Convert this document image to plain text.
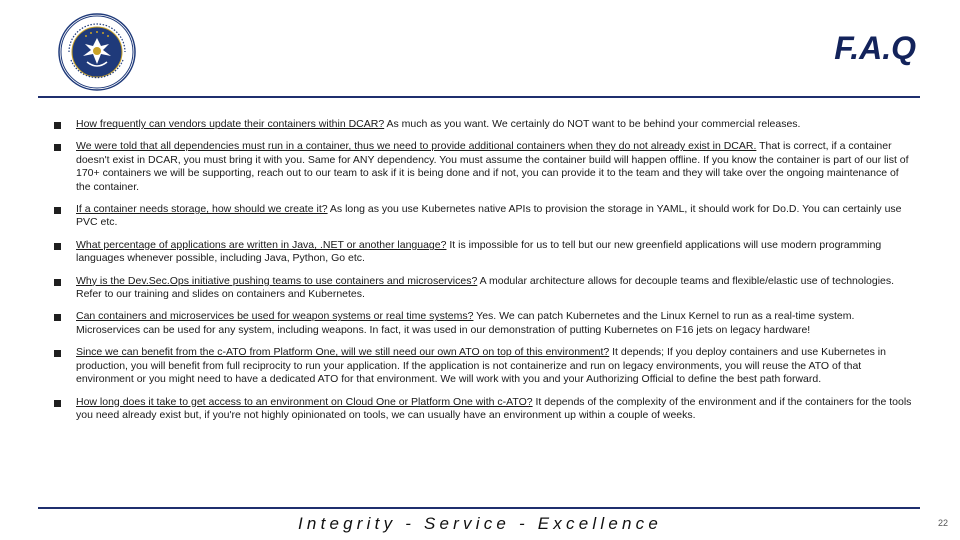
F.A.Q
How frequently can vendors update their containers within DCAR? As much as you want. We certainly do NOT want to be behind your commercial releases.
We were told that all dependencies must run in a container, thus we need to provide additional containers when they do not already exist in DCAR. That is correct, if a container doesn't exist in DCAR, you must bring it with you. Same for ANY dependency. You must assume the container build will happen offline. If you know the container is part of our list of 170+ containers we will be supporting, reach out to our team to ask if it is being done and if not, you can provide it to the team and they will take over the ongoing maintenance of the container.
If a container needs storage, how should we create it? As long as you use Kubernetes native APIs to provision the storage in YAML, it should work for Do.D. You can certainly use PVC etc.
What percentage of applications are written in Java, .NET or another language? It is impossible for us to tell but our new greenfield applications will use modern programming languages whenever possible, including Java, Python, Go etc.
Why is the Dev.Sec.Ops initiative pushing teams to use containers and microservices? A modular architecture allows for decouple teams and flexible/elastic use of technologies. Refer to our training and slides on containers and Kubernetes.
Can containers and microservices be used for weapon systems or real time systems? Yes. We can patch Kubernetes and the Linux Kernel to run as a real-time system. Microservices can be used for any system, including weapons. In fact, it was used in our demonstration of putting Kubernetes on F16 jets on legacy hardware!
Since we can benefit from the c-ATO from Platform One, will we still need our own ATO on top of this environment? It depends; If you deploy containers and use Kubernetes in production, you will benefit from full reciprocity to run your application. If the application is not containerize and run on legacy environments, you will reuse the ATO of that environment or you might need to have a dedicated ATO for that environment. We will work with you and your Authorizing Official to define the best path forward.
How long does it take to get access to an environment on Cloud One or Platform One with c-ATO? It depends of the complexity of the environment and if the containers for the tools you need already exist but, if you're not highly opinionated on tools, we can usually have an environment up within a couple of weeks.
Integrity - Service - Excellence	22
